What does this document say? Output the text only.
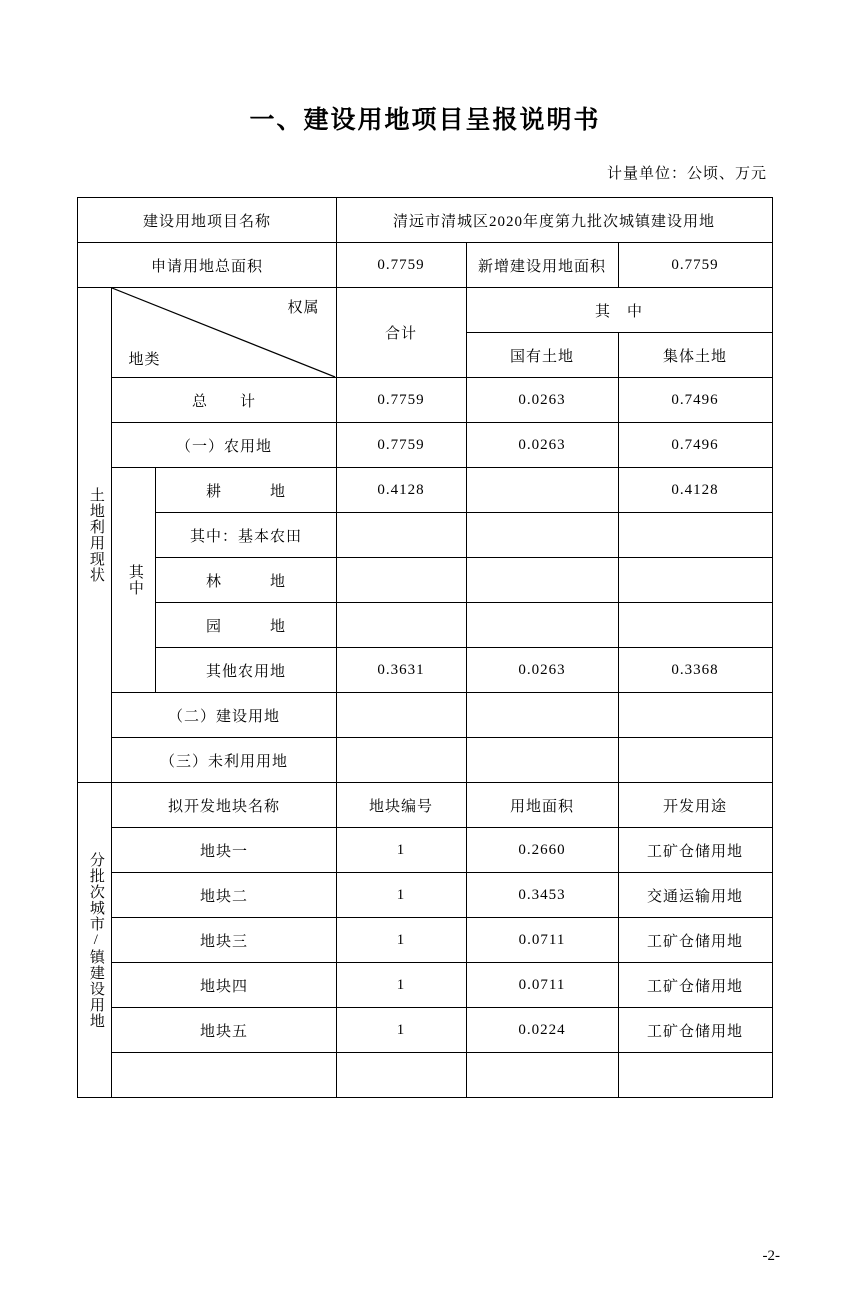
一、建设用地项目呈报说明书
计量单位：公顷、万元
建设用地项目名称			清远市清城区2020年度第九批次城镇建设用地		
申请用地总面积			0.7759	新增建设用地面积	0.7759

土地利用现状	权属
地类		合计	其　中	
				国有土地	集体土地
	总　　计		0.7759	0.0263	0.7496
	（一）农用地		0.7759	0.0263	0.7496

	其中	耕　　　地	0.4128		0.4128
		其中：基本农田			
		林　　　地			
		园　　　地			
		其他农用地	0.3631	0.0263	0.3368
	（二）建设用地				
	（三）未利用用地				

分批次城市/镇建设用地	拟开发地块名称		地块编号	用地面积	开发用途
	地块一		1	0.2660	工矿仓储用地
	地块二		1	0.3453	交通运输用地
	地块三		1	0.0711	工矿仓储用地
	地块四		1	0.0711	工矿仓储用地
	地块五		1	0.0224	工矿仓储用地

-2-
